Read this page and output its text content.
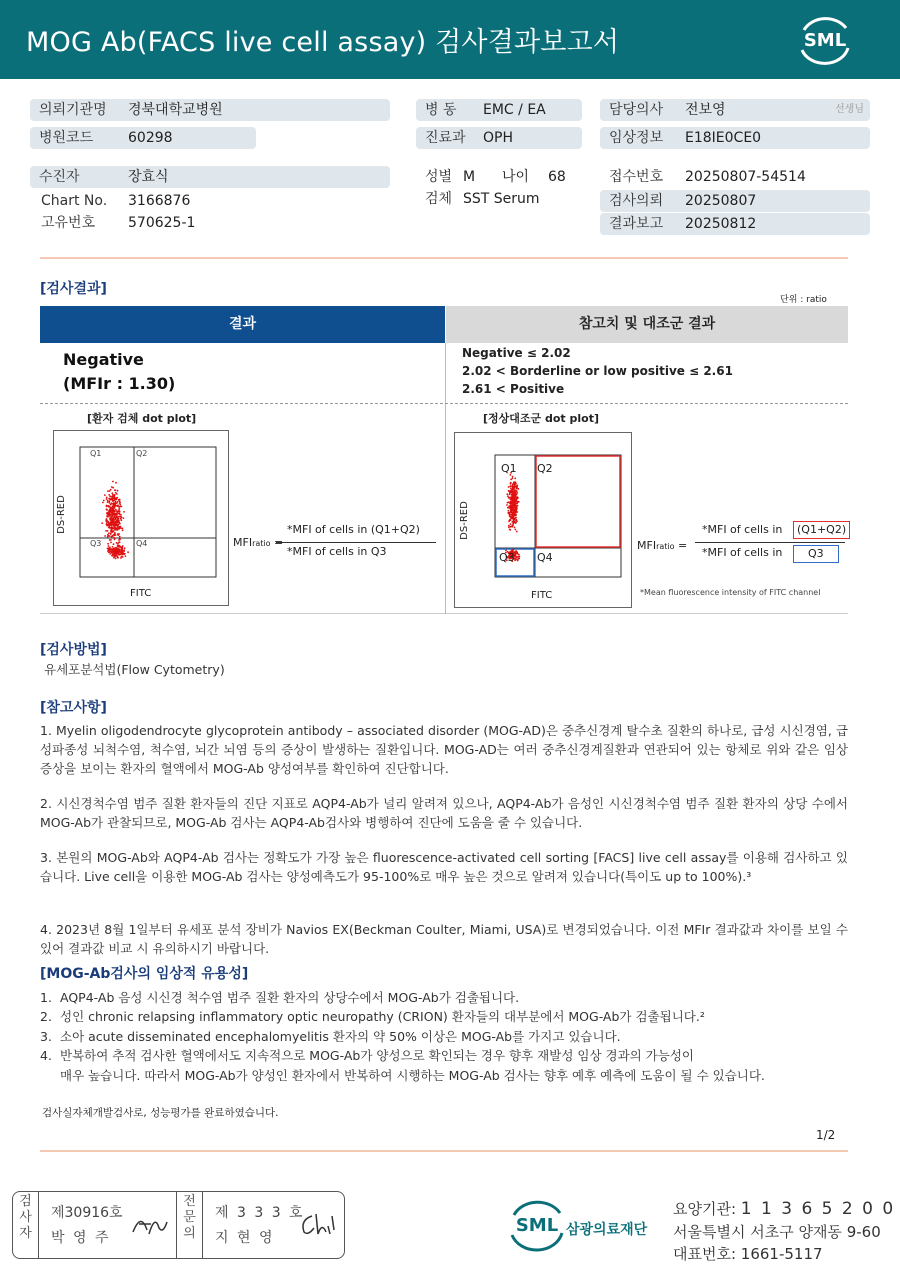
MOG Ab(FACS live cell assay) 검사결과보고서	SML
의뢰기관명 경북대학교병원
병원코드 60298
병 동 EMC / EA
진료과 OPH
담당의사 전보영	선생님
임상정보 E18IE0CE0
수진자	장효식
Chart No. 3166876
고유번호 570625-1
성별 M 나이 68
검체 SST Serum
접수번호 20250807-54514
검사의뢰 20250807
결과보고 20250812
[검사결과]
단위 : ratio
결과	참고치 및 대조군 결과
Negative
(MFIr : 1.30)
Negative ≤ 2.02
2.02 < Borderline or low positive ≤ 2.61
2.61 < Positive
[환자 검체 dot plot]	[정상대조군 dot plot]
Q1	Q2
Q3	Q4
DS-RED
FITC
MFIratio =
*MFI of cells in (Q1+Q2)
*MFI of cells in Q3
Q1 Q2
Q3 Q4
DS-RED
FITC
MFIratio =
*MFI of cells in	(Q1+Q2)
*MFI of cells in	Q3
*Mean fluorescence intensity of FITC channel
[검사방법]
유세포분석법(Flow Cytometry)
[참고사항]
1. Myelin oligodendrocyte glycoprotein antibody – associated disorder (MOG-AD)은 중추신경계 탈수초 질환의 하나로, 급성 시신경염, 급성파종성 뇌척수염, 척수염, 뇌간 뇌염 등의 증상이 발생하는 질환입니다. MOG-AD는 여러 중추신경계질환과 연관되어 있는 항체로 위와 같은 임상 증상을 보이는 환자의 혈액에서 MOG-Ab 양성여부를 확인하여 진단합니다.
2. 시신경척수염 범주 질환 환자들의 진단 지표로 AQP4-Ab가 널리 알려져 있으나, AQP4-Ab가 음성인 시신경척수염 범주 질환 환자의 상당 수에서 MOG-Ab가 관찰되므로, MOG-Ab 검사는 AQP4-Ab검사와 병행하여 진단에 도움을 줄 수 있습니다.
3. 본원의 MOG-Ab와 AQP4-Ab 검사는 정확도가 가장 높은 fluorescence-activated cell sorting [FACS] live cell assay를 이용해 검사하고 있습니다. Live cell을 이용한 MOG-Ab 검사는 양성예측도가 95-100%로 매우 높은 것으로 알려져 있습니다(특이도 up to 100%).³
4. 2023년 8월 1일부터 유세포 분석 장비가 Navios EX(Beckman Coulter, Miami, USA)로 변경되었습니다. 이전 MFIr 결과값과 차이를 보일 수 있어 결과값 비교 시 유의하시기 바랍니다.
[MOG-Ab검사의 임상적 유용성]
1. AQP4-Ab 음성 시신경 척수염 범주 질환 환자의 상당수에서 MOG-Ab가 검출됩니다.
2. 성인 chronic relapsing inflammatory optic neuropathy (CRION) 환자들의 대부분에서 MOG-Ab가 검출됩니다.²
3. 소아 acute disseminated encephalomyelitis 환자의 약 50% 이상은 MOG-Ab를 가지고 있습니다.
4. 반복하여 추적 검사한 혈액에서도 지속적으로 MOG-Ab가 양성으로 확인되는 경우 향후 재발성 임상 경과의 가능성이
매우 높습니다. 따라서 MOG-Ab가 양성인 환자에서 반복하여 시행하는 MOG-Ab 검사는 향후 예후 예측에 도움이 될 수 있습니다.
검사실자체개발검사로, 성능평가를 완료하였습니다.
1/2
검
사
자
제30916호
박 영 주
전
문
의
제 3 3 3 호
지 현 영
SML 삼광의료재단
요양기관: 1 1 3 6 5 2 0 0
서울특별시 서초구 양재동 9-60
대표번호: 1661-5117
